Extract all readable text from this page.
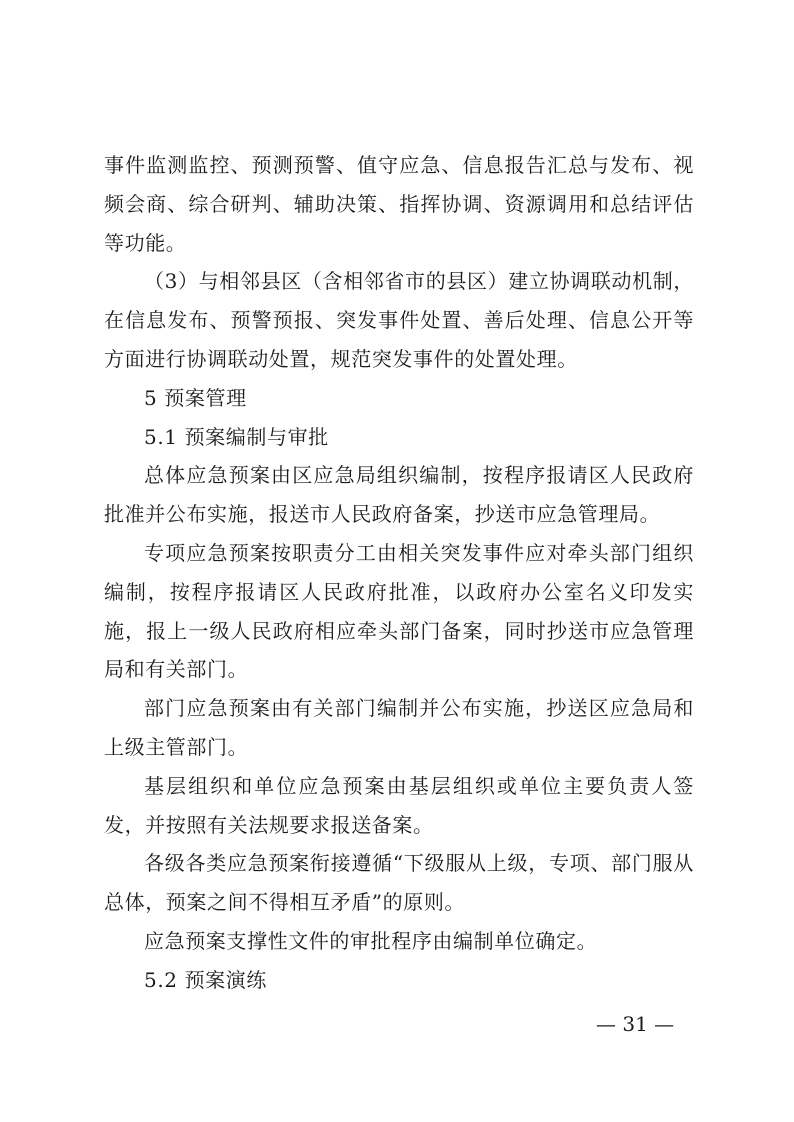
事件监测监控、预测预警、值守应急、信息报告汇总与发布、视频会商、综合研判、辅助决策、指挥协调、资源调用和总结评估等功能。

（3）与相邻县区（含相邻省市的县区）建立协调联动机制，在信息发布、预警预报、突发事件处置、善后处理、信息公开等方面进行协调联动处置，规范突发事件的处置处理。

5 预案管理

5.1 预案编制与审批

总体应急预案由区应急局组织编制，按程序报请区人民政府批准并公布实施，报送市人民政府备案，抄送市应急管理局。

专项应急预案按职责分工由相关突发事件应对牵头部门组织编制，按程序报请区人民政府批准，以政府办公室名义印发实施，报上一级人民政府相应牵头部门备案，同时抄送市应急管理局和有关部门。

部门应急预案由有关部门编制并公布实施，抄送区应急局和上级主管部门。

基层组织和单位应急预案由基层组织或单位主要负责人签发，并按照有关法规要求报送备案。

各级各类应急预案衔接遵循“下级服从上级，专项、部门服从总体，预案之间不得相互矛盾”的原则。

应急预案支撑性文件的审批程序由编制单位确定。

5.2 预案演练

— 31 —
